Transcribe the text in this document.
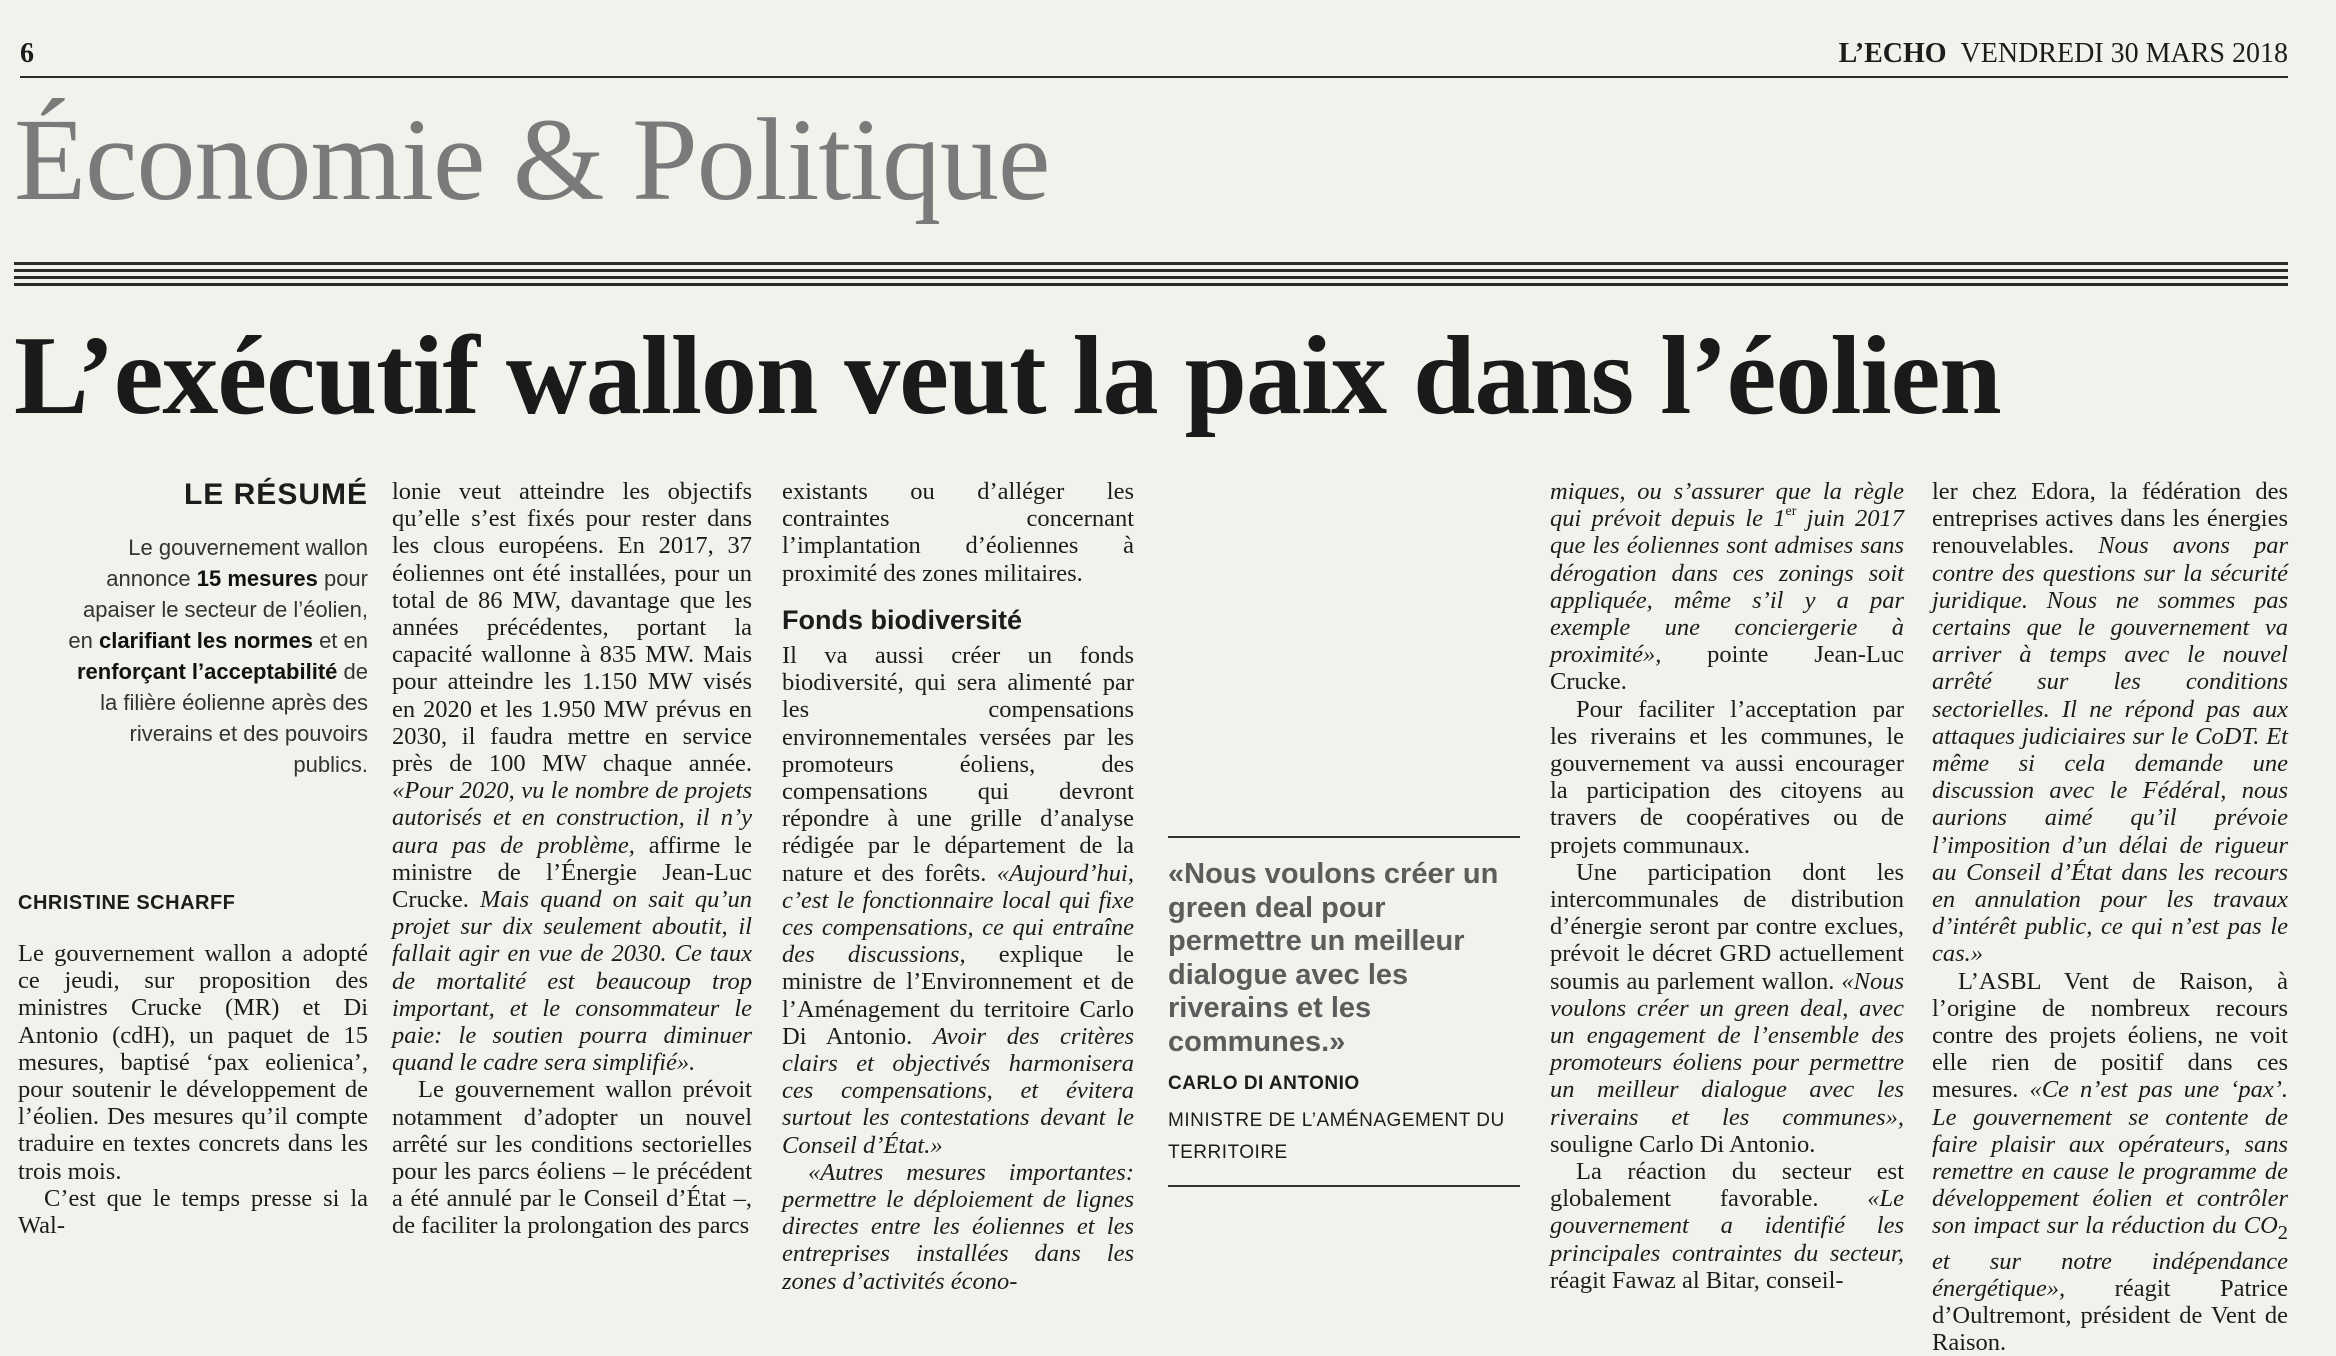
6	L’ECHO VENDREDI 30 MARS 2018
Économie & Politique
L’exécutif wallon veut la paix dans l’éolien
LE RÉSUMÉ
Le gouvernement wallon annonce 15 mesures pour apaiser le secteur de l’éolien, en clarifiant les normes et en renforçant l’acceptabilité de la filière éolienne après des riverains et des pouvoirs publics.
CHRISTINE SCHARFF

Le gouvernement wallon a adopté ce jeudi, sur proposition des ministres Crucke (MR) et Di Antonio (cdH), un paquet de 15 mesures, baptisé ‘pax eolienica’, pour soutenir le développement de l’éolien. Des mesures qu’il compte traduire en textes concrets dans les trois mois.

C’est que le temps presse si la Wal-

lonie veut atteindre les objectifs qu’elle s’est fixés pour rester dans les clous européens. En 2017, 37 éoliennes ont été installées, pour un total de 86 MW, davantage que les années précédentes, portant la capacité wallonne à 835 MW. Mais pour atteindre les 1.150 MW visés en 2020 et les 1.950 MW prévus en 2030, il faudra mettre en service près de 100 MW chaque année. «Pour 2020, vu le nombre de projets autorisés et en construction, il n’y aura pas de problème, affirme le ministre de l’Énergie Jean-Luc Crucke. Mais quand on sait qu’un projet sur dix seulement aboutit, il fallait agir en vue de 2030. Ce taux de mortalité est beaucoup trop important, et le consommateur le paie: le soutien pourra diminuer quand le cadre sera simplifié».

Le gouvernement wallon prévoit notamment d’adopter un nouvel arrêté sur les conditions sectorielles pour les parcs éoliens – le précédent a été annulé par le Conseil d’État –, de faciliter la prolongation des parcs

existants ou d’alléger les contraintes concernant l’implantation d’éoliennes à proximité des zones militaires.

Fonds biodiversité

Il va aussi créer un fonds biodiversité, qui sera alimenté par les compensations environnementales versées par les promoteurs éoliens, des compensations qui devront répondre à une grille d’analyse rédigée par le département de la nature et des forêts. «Aujourd’hui, c’est le fonctionnaire local qui fixe ces compensations, ce qui entraîne des discussions, explique le ministre de l’Environnement et de l’Aménagement du territoire Carlo Di Antonio. Avoir des critères clairs et objectivés harmonisera ces compensations, et évitera surtout les contestations devant le Conseil d’État.»

«Autres mesures importantes: permettre le déploiement de lignes directes entre les éoliennes et les entreprises installées dans les zones d’activités écono-

«Nous voulons créer un green deal pour permettre un meilleur dialogue avec les riverains et les communes.»
CARLO DI ANTONIO
MINISTRE DE L’AMÉNAGEMENT DU TERRITOIRE

miques, ou s’assurer que la règle qui prévoit depuis le 1er juin 2017 que les éoliennes sont admises sans dérogation dans ces zonings soit appliquée, même s’il y a par exemple une conciergerie à proximité», pointe Jean-Luc Crucke.

Pour faciliter l’acceptation par les riverains et les communes, le gouvernement va aussi encourager la participation des citoyens au travers de coopératives ou de projets communaux.

Une participation dont les intercommunales de distribution d’énergie seront par contre exclues, prévoit le décret GRD actuellement soumis au parlement wallon. «Nous voulons créer un green deal, avec un engagement de l’ensemble des promoteurs éoliens pour permettre un meilleur dialogue avec les riverains et les communes», souligne Carlo Di Antonio.

La réaction du secteur est globalement favorable. «Le gouvernement a identifié les principales contraintes du secteur, réagit Fawaz al Bitar, conseil-

ler chez Edora, la fédération des entreprises actives dans les énergies renouvelables. Nous avons par contre des questions sur la sécurité juridique. Nous ne sommes pas certains que le gouvernement va arriver à temps avec le nouvel arrêté sur les conditions sectorielles. Il ne répond pas aux attaques judiciaires sur le CoDT. Et même si cela demande une discussion avec le Fédéral, nous aurions aimé qu’il prévoie l’imposition d’un délai de rigueur au Conseil d’État dans les recours en annulation pour les travaux d’intérêt public, ce qui n’est pas le cas.»

L’ASBL Vent de Raison, à l’origine de nombreux recours contre des projets éoliens, ne voit elle rien de positif dans ces mesures. «Ce n’est pas une ‘pax’. Le gouvernement se contente de faire plaisir aux opérateurs, sans remettre en cause le programme de développement éolien et contrôler son impact sur la réduction du $CO_2$ et sur notre indépendance énergétique», réagit Patrice d’Oultremont, président de Vent de Raison.
